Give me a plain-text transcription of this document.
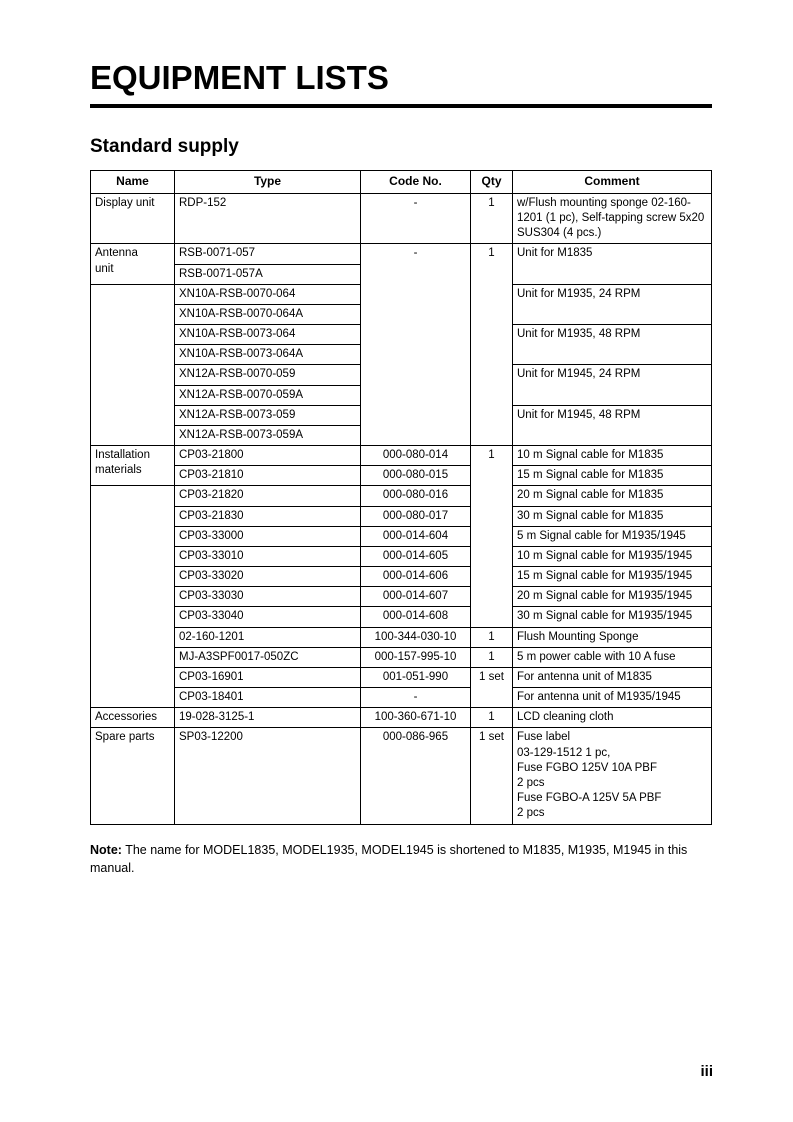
EQUIPMENT LISTS
Standard supply
Name	Type	Code No.	Qty	Comment
Display unit	RDP-152	-	1	w/Flush mounting sponge 02-160-1201 (1 pc), Self-tapping screw 5x20 SUS304 (4 pcs.)

Antenna
unit	RSB-0071-057	-	1	Unit for M1835
	RSB-0071-057A			
	XN10A-RSB-0070-064			Unit for M1935, 24 RPM
	XN10A-RSB-0070-064A			
	XN10A-RSB-0073-064			Unit for M1935, 48 RPM
	XN10A-RSB-0073-064A			
	XN12A-RSB-0070-059			Unit for M1945, 24 RPM
	XN12A-RSB-0070-059A			
	XN12A-RSB-0073-059			Unit for M1945, 48 RPM
	XN12A-RSB-0073-059A			

Installation
materials	CP03-21800	000-080-014	1	10 m Signal cable for M1835
	CP03-21810	000-080-015		15 m Signal cable for M1835
	CP03-21820	000-080-016		20 m Signal cable for M1835
	CP03-21830	000-080-017		30 m Signal cable for M1835
	CP03-33000	000-014-604		5 m Signal cable for M1935/1945
	CP03-33010	000-014-605		10 m Signal cable for M1935/1945
	CP03-33020	000-014-606		15 m Signal cable for M1935/1945
	CP03-33030	000-014-607		20 m Signal cable for M1935/1945
	CP03-33040	000-014-608		30 m Signal cable for M1935/1945
	02-160-1201	100-344-030-10	1	Flush Mounting Sponge
	MJ-A3SPF0017-050ZC	000-157-995-10	1	5 m power cable with 10 A fuse
	CP03-16901	001-051-990	1 set	For antenna unit of M1835
	CP03-18401	-		For antenna unit of M1935/1945
Accessories	19-028-3125-1	100-360-671-10	1	LCD cleaning cloth
Spare parts	SP03-12200	000-086-965	1 set	Fuse label
03-129-1512 1 pc,
Fuse FGBO 125V 10A PBF
2 pcs
Fuse FGBO-A 125V 5A PBF
2 pcs

Note: The name for MODEL1835, MODEL1935, MODEL1945 is shortened to M1835, M1935, M1945 in this manual.

iii
